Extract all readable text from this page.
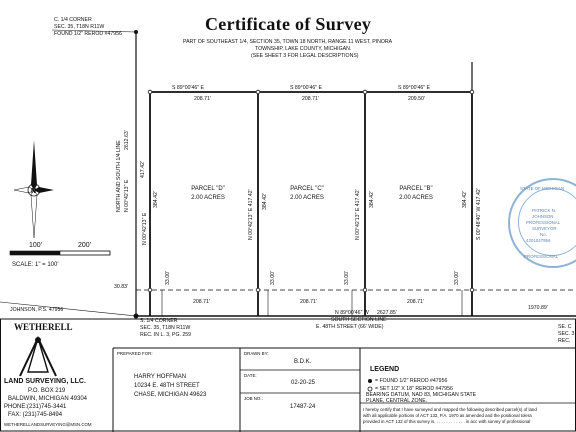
N
Certificate of Survey
PART OF SOUTHEAST 1/4, SECTION 35, TOWN 18 NORTH, RANGE 11 WEST, PINORA
TOWNSHIP, LAKE COUNTY, MICHIGAN.
(SEE SHEET 3 FOR LEGAL DESCRIPTIONS)
C. 1/4 CORNER
SEC. 35, T18N R11W
FOUND 1/2" REROD #47956
S 89°00'46" E	S 89°00'46" E	S 89°00'46" E
208.71'	208.71'	209.50'
NORTH AND SOUTH 1/4 LINE N 00°42'13" E
2612.63'
417.42'
N 00°42'13" E
384.42'	N 00°42'13" E 417.42' 384.42'	N 00°42'13" E 417.42' 384.42'	384.42' S 00°48'40" W 417.42'
PARCEL "D"
2.00 ACRES
PARCEL "C"
2.00 ACRES
PARCEL "B"
2.00 ACRES
33.00'	33.00'	33.00'	33.00'
208.71'	208.71'	208.71'
30.83'
1970.89'
N 89°00'46" W 2627.85'
SOUTH SECTION LINE
E. 48TH STREET (66' WIDE)
S. 1/4 CORNER
SEC. 35, T18N R11W
REC. IN L. 3, PG. 259
SE. C
SEC. 3
REC.
100'	200'
SCALE: 1" = 100'
JOHNSON, P.S. 47956
STATE OF MICHIGAN
PATRICK N.
JOHNSON
PROFESSIONAL
SURVEYOR
No.
4201047956
PROFESSIONAL
WETHERELL
LAND SURVEYING, LLC.
P.O. BOX 219
BALDWIN, MICHIGAN 49304
PHONE:(231)745-3441
FAX: (231)745-8494
WETHERELLANDSURVEYING@MSN.COM
PREPARED FOR:
HARRY HOFFMAN
10234 E. 48TH STREET
CHASE, MICHIGAN 49623
DRAWN BY:
B.D.K.
DATE:
02-20-25
JOB NO.:
17487-24
LEGEND
= FOUND 1/2" REROD #47956
= SET 1/2" X 18" REROD #47956
BEARING DATUM, NAD 83, MICHIGAN STATE
PLANE, CENTRAL ZONE.
I hereby certify that I have surveyed and mapped the following described parcel(s) of land
with all applicable portions of ACT 132, P.A. 1970 as amended and the positional tolera
provided in ACT 132 of this survey is. . . . . . . . . . . . . in acc with survey of professional
